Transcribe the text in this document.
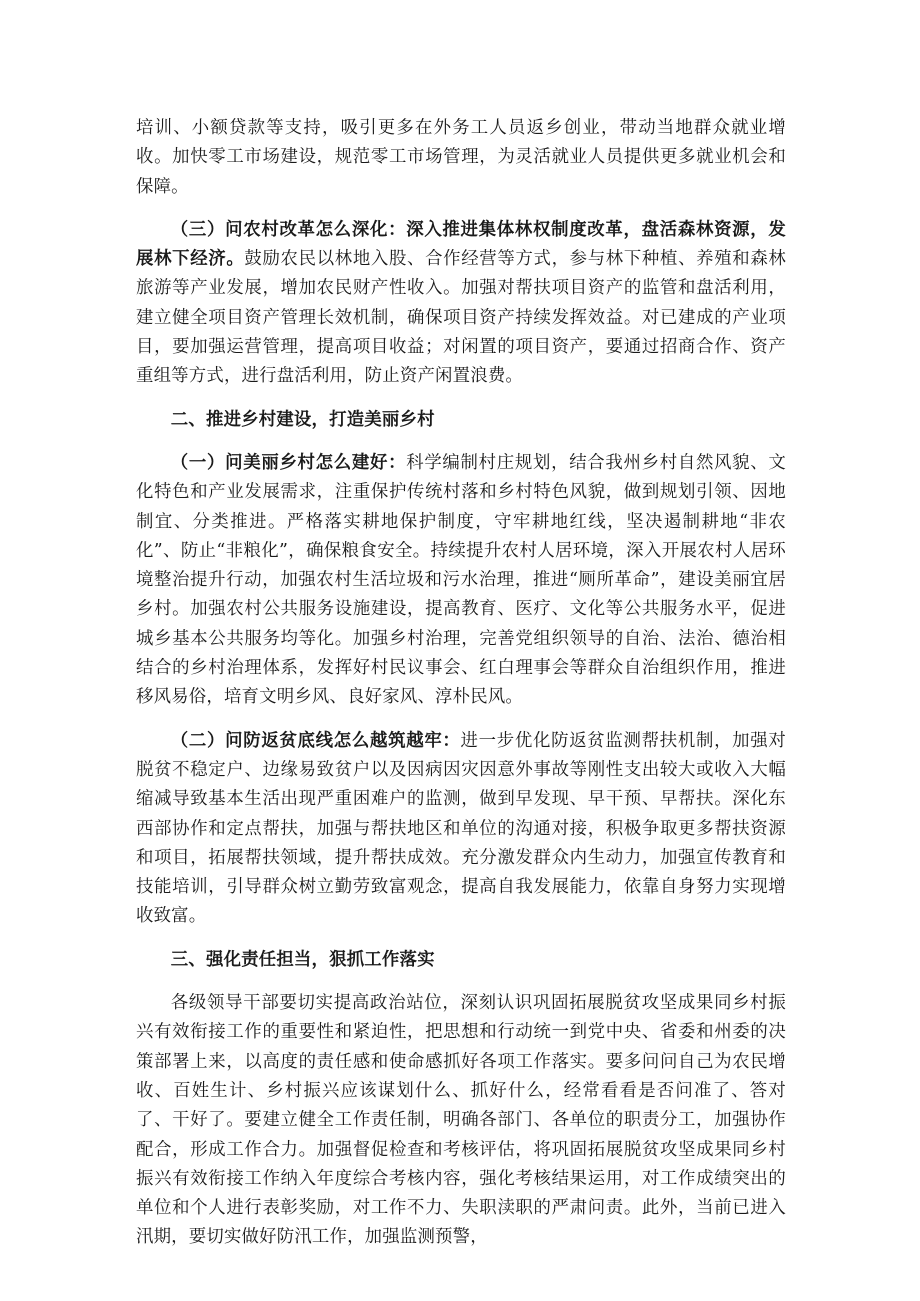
培训、小额贷款等支持，吸引更多在外务工人员返乡创业，带动当地群众就业增收。加快零工市场建设，规范零工市场管理，为灵活就业人员提供更多就业机会和保障。

（三）问农村改革怎么深化：深入推进集体林权制度改革，盘活森林资源，发展林下经济。鼓励农民以林地入股、合作经营等方式，参与林下种植、养殖和森林旅游等产业发展，增加农民财产性收入。加强对帮扶项目资产的监管和盘活利用，建立健全项目资产管理长效机制，确保项目资产持续发挥效益。对已建成的产业项目，要加强运营管理，提高项目收益；对闲置的项目资产，要通过招商合作、资产重组等方式，进行盘活利用，防止资产闲置浪费。

二、推进乡村建设，打造美丽乡村

（一）问美丽乡村怎么建好：科学编制村庄规划，结合我州乡村自然风貌、文化特色和产业发展需求，注重保护传统村落和乡村特色风貌，做到规划引领、因地制宜、分类推进。严格落实耕地保护制度，守牢耕地红线，坚决遏制耕地“非农化”、防止“非粮化”，确保粮食安全。持续提升农村人居环境，深入开展农村人居环境整治提升行动，加强农村生活垃圾和污水治理，推进“厕所革命”，建设美丽宜居乡村。加强农村公共服务设施建设，提高教育、医疗、文化等公共服务水平，促进城乡基本公共服务均等化。加强乡村治理，完善党组织领导的自治、法治、德治相结合的乡村治理体系，发挥好村民议事会、红白理事会等群众自治组织作用，推进移风易俗，培育文明乡风、良好家风、淳朴民风。

（二）问防返贫底线怎么越筑越牢：进一步优化防返贫监测帮扶机制，加强对脱贫不稳定户、边缘易致贫户以及因病因灾因意外事故等刚性支出较大或收入大幅缩减导致基本生活出现严重困难户的监测，做到早发现、早干预、早帮扶。深化东西部协作和定点帮扶，加强与帮扶地区和单位的沟通对接，积极争取更多帮扶资源和项目，拓展帮扶领域，提升帮扶成效。充分激发群众内生动力，加强宣传教育和技能培训，引导群众树立勤劳致富观念，提高自我发展能力，依靠自身努力实现增收致富。

三、强化责任担当，狠抓工作落实

各级领导干部要切实提高政治站位，深刻认识巩固拓展脱贫攻坚成果同乡村振兴有效衔接工作的重要性和紧迫性，把思想和行动统一到党中央、省委和州委的决策部署上来，以高度的责任感和使命感抓好各项工作落实。要多问问自己为农民增收、百姓生计、乡村振兴应该谋划什么、抓好什么，经常看看是否问准了、答对了、干好了。要建立健全工作责任制，明确各部门、各单位的职责分工，加强协作配合，形成工作合力。加强督促检查和考核评估，将巩固拓展脱贫攻坚成果同乡村振兴有效衔接工作纳入年度综合考核内容，强化考核结果运用，对工作成绩突出的单位和个人进行表彰奖励，对工作不力、失职渎职的严肃问责。此外，当前已进入汛期，要切实做好防汛工作，加强监测预警，
